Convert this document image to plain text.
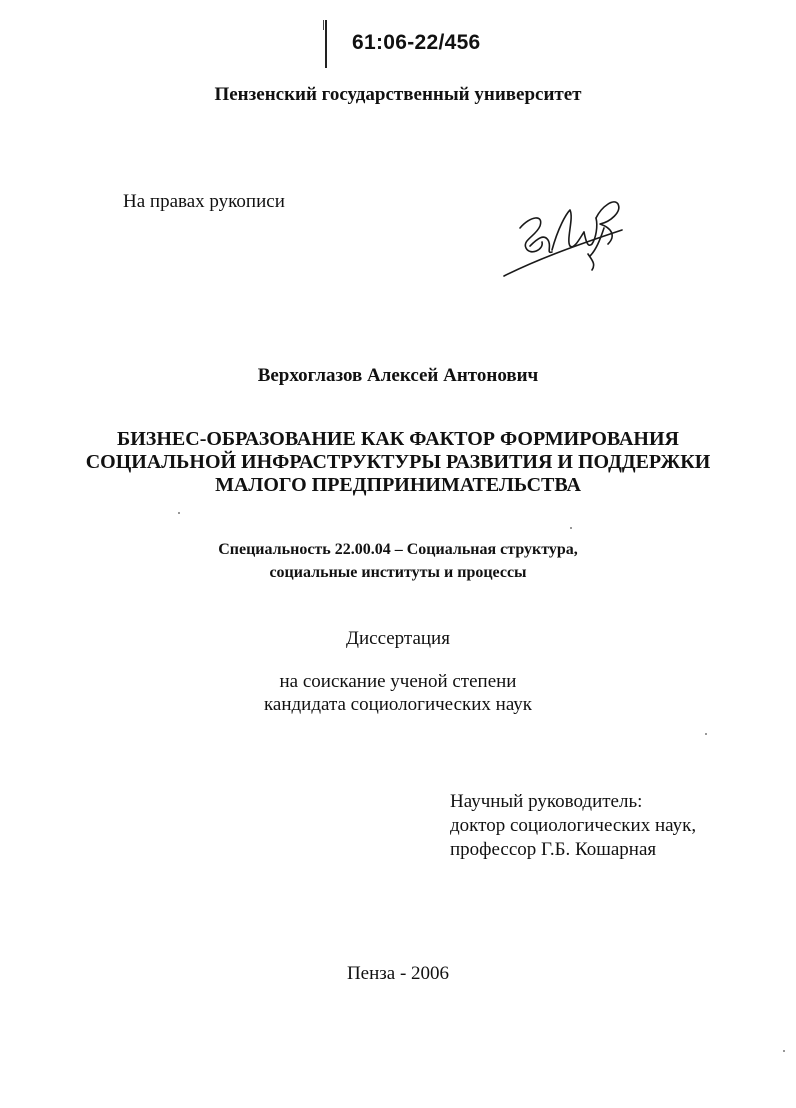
61:06-22/456
Пензенский государственный университет
На правах рукописи
Верхоглазов Алексей Антонович
БИЗНЕС-ОБРАЗОВАНИЕ КАК ФАКТОР ФОРМИРОВАНИЯ
СОЦИАЛЬНОЙ ИНФРАСТРУКТУРЫ РАЗВИТИЯ И ПОДДЕРЖКИ
МАЛОГО ПРЕДПРИНИМАТЕЛЬСТВА
Специальность 22.00.04 – Социальная структура,
социальные институты и процессы
Диссертация
на соискание ученой степени
кандидата социологических наук
Научный руководитель:
доктор социологических наук,
профессор Г.Б. Кошарная
Пенза - 2006
